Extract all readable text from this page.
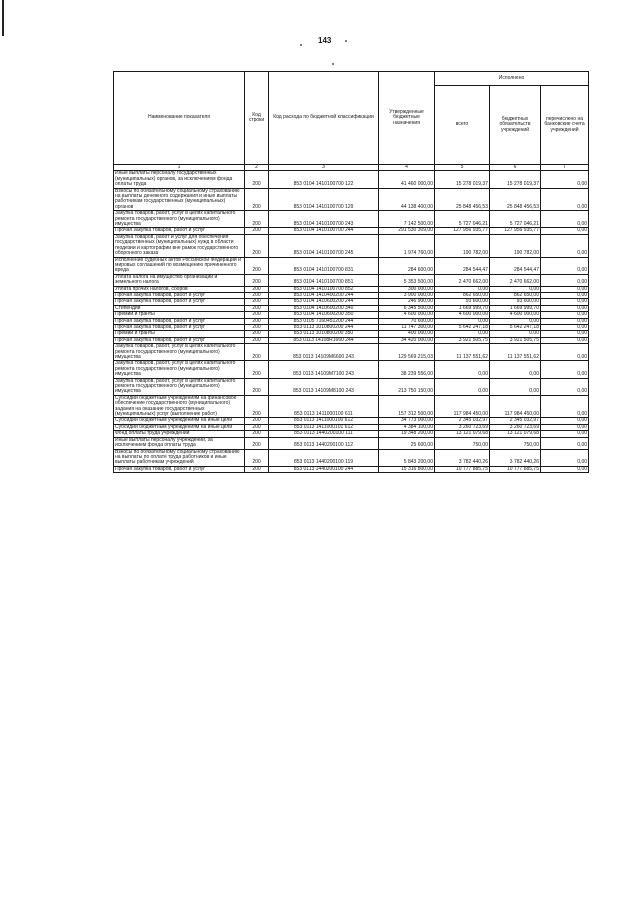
143
Наименование показателя	Код строки	Код расхода по бюджетной классификации	Утвержденные бюджетные назначения	Исполнено		
				всего	бюджетных обязательств учреждений	перечислено на банковские счета учреждений
1	2	3	4	5	6	7
Иные выплаты персоналу государственных (муниципальных) органов, за исключением фонда оплаты труда	200	853 0104 1410100700 122	41 460 000,00	15 278 019,37	15 278 019,37	0,00
Взносы по обязательному социальному страхованию на выплаты денежного содержания и иные выплаты работникам государственных (муниципальных) органов	200	853 0104 1410100700 129	44 138 400,00	25 848 456,53	25 848 456,53	0,00
Закупка товаров, работ, услуг в целях капитального ремонта государственного (муниципального) имущества	200	853 0104 1410100700 243	7 142 500,00	5 727 046,21	5 727 046,21	0,00
Прочая закупка товаров, работ и услуг	200	853 0104 1410100700 244	291 530 309,00	127 956 935,77	127 956 935,77	0,00
Закупка товаров, работ и услуг для обеспечения государственных (муниципальных) нужд в области геодезии и картографии вне рамок государственного оборонного заказа	200	853 0104 1410100700 245	1 974 760,00	190 782,00	190 782,00	0,00
Исполнение судебных актов Российской Федерации и мировых соглашений по возмещению причиненного вреда	200	853 0104 1410100700 831	284 600,00	284 544,47	284 544,47	0,00
Уплата налога на имущество организаций и земельного налога	200	853 0104 1410100700 851	5 353 500,00	2 470 662,00	2 470 662,00	0,00
Уплата прочих налогов, сборов	200	853 0104 1410100700 852	300 000,00	0,00	0,00	0,00
Прочая закупка товаров, работ и услуг	200	853 0104 1410400200 244	3 900 000,00	862 650,00	862 650,00	0,00
Прочая закупка товаров, работ и услуг	200	853 0104 1410600200 244	246 900,00	93 600,00	93 600,00	0,00
Стипендии	200	853 0104 1410600200 340	6 345 500,00	1 669 999,70	1 669 999,70	0,00
Премии и гранты	200	853 0104 1410600200 350	4 600 000,00	4 600 000,00	4 600 000,00	0,00
Прочая закупка товаров, работ и услуг	200	853 0105 7160451200 244	70 600,00	0,00	0,00	0,00
Прочая закупка товаров, работ и услуг	200	853 0113 1010800200 244	11 747 300,00	5 642 247,18	5 642 247,18	0,00
Премии и гранты	200	853 0113 1010800200 350	400 000,00	0,00	0,00	0,00
Прочая закупка товаров, работ и услуг	200	853 0113 14108R1660 244	34 420 000,00	3 921 505,75	3 921 505,75	0,00
Закупка товаров, работ, услуг в целях капитального ремонта государственного (муниципального) имущества	200	853 0113 14109М6600 243	129 569 215,03	11 137 551,62	11 137 551,62	0,00
Закупка товаров, работ, услуг в целях капитального ремонта государственного (муниципального) имущества	200	853 0113 14109М7100 243	38 239 556,00	0,00	0,00	0,00
Закупка товаров, работ, услуг в целях капитального ремонта государственного (муниципального) имущества	200	853 0113 14109М8100 243	213 750 150,00	0,00	0,00	0,00
Субсидии бюджетным учреждениям на финансовое обеспечение государственного (муниципального) задания на оказание государственных (муниципальных) услуг (выполнение работ)	200	853 0113 1411000100 611	157 312 500,00	117 984 450,00	117 984 450,00	0,00
Субсидии бюджетным учреждениям на иные цели	200	853 0113 1411000100 612	34 773 000,00	2 345 032,97	2 345 032,97	0,00
Субсидии бюджетным учреждениям на иные цели	200	853 0113 1411000101 612	4 384 100,00	3 260 723,69	3 260 723,69	0,00
Фонд оплаты труда учреждений	200	853 0113 1440200100 111	19 348 200,00	13 121 079,68	13 121 079,68	0,00
Иные выплаты персоналу учреждений, за исключением фонда оплаты труда	200	853 0113 1440200100 112	25 600,00	750,00	750,00	0,00
Взносы по обязательному социальному страхованию на выплаты по оплате труда работников и иные выплаты работникам учреждений	200	853 0113 1440200100 119	5 843 200,00	3 782 440,26	3 782 440,26	0,00
Прочая закупка товаров, работ и услуг	200	853 0113 1440200100 244	15 316 800,00	10 777 885,75	10 777 885,75	0,00
